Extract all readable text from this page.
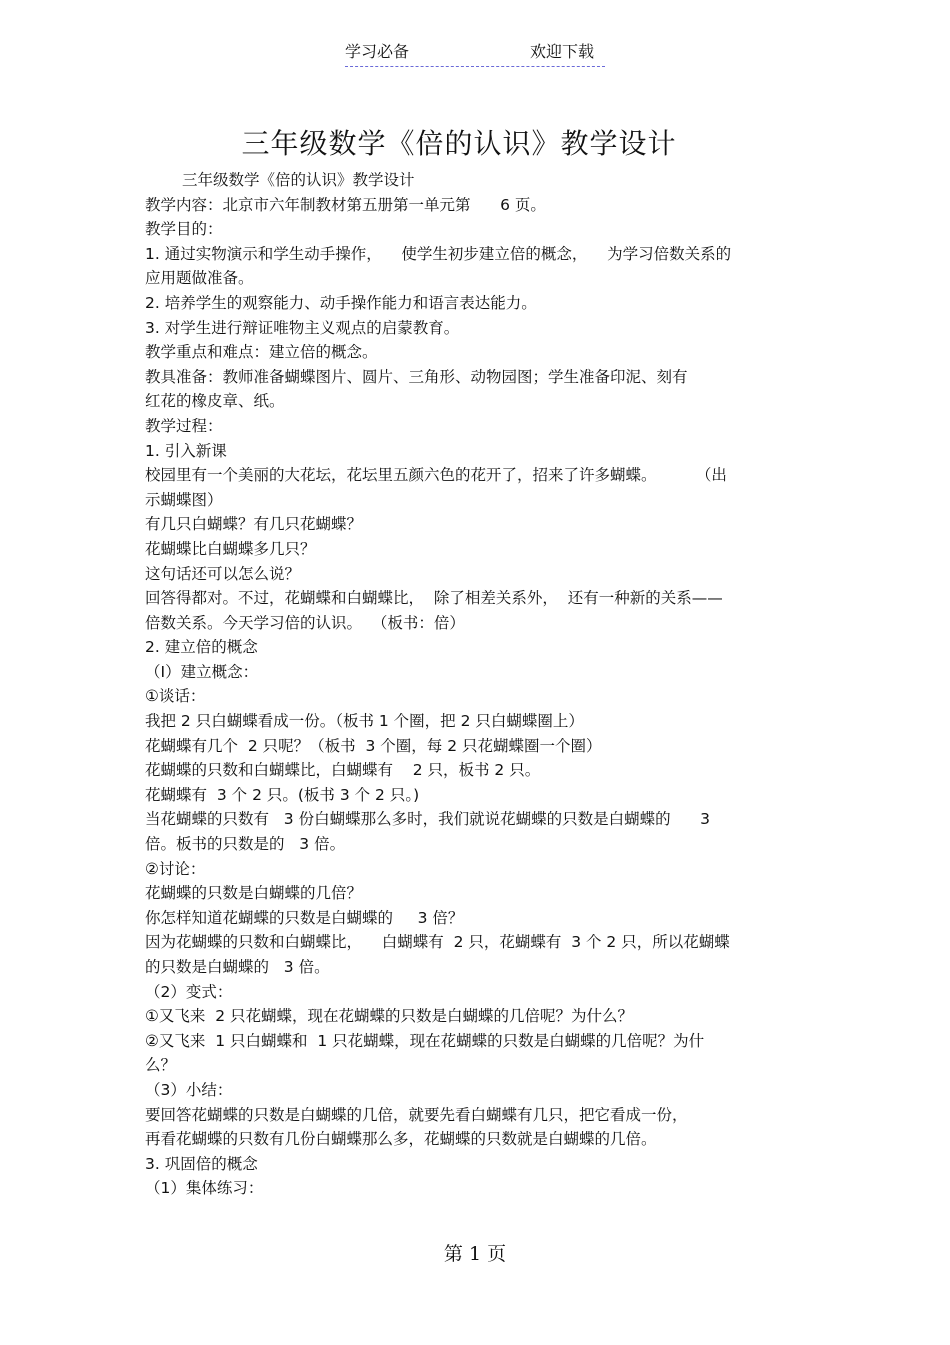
学习必备	欢迎下载
三年级数学《倍的认识》教学设计

三年级数学《倍的认识》教学设计

教学内容：北京市六年制教材第五册第一单元第      6 页。

教学目的：

1. 通过实物演示和学生动手操作，    使学生初步建立倍的概念，    为学习倍数关系的

应用题做准备。

2. 培养学生的观察能力、动手操作能力和语言表达能力。

3. 对学生进行辩证唯物主义观点的启蒙教育。

教学重点和难点：建立倍的概念。

教具准备：教师准备蝴蝶图片、圆片、三角形、动物园图；学生准备印泥、刻有

红花的橡皮章、纸。

教学过程：

1. 引入新课

校园里有一个美丽的大花坛，花坛里五颜六色的花开了，招来了许多蝴蝶。        （出

示蝴蝶图）

有几只白蝴蝶？有几只花蝴蝶？

花蝴蝶比白蝴蝶多几只？

这句话还可以怎么说？

回答得都对。不过，花蝴蝶和白蝴蝶比，  除了相差关系外，  还有一种新的关系——

倍数关系。今天学习倍的认识。  （板书：倍）

2. 建立倍的概念

（I）建立概念：

①谈话：

我把 2 只白蝴蝶看成一份。（板书 1 个圈，把 2 只白蝴蝶圈上）

花蝴蝶有几个  2 只呢？（板书  3 个圈，每 2 只花蝴蝶圈一个圈）

花蝴蝶的只数和白蝴蝶比，白蝴蝶有    2 只，板书 2 只。

花蝴蝶有  3 个 2 只。(板书 3 个 2 只。)

当花蝴蝶的只数有   3 份白蝴蝶那么多时，我们就说花蝴蝶的只数是白蝴蝶的      3

倍。板书的只数是的   3 倍。

②讨论：

花蝴蝶的只数是白蝴蝶的几倍？

你怎样知道花蝴蝶的只数是白蝴蝶的     3 倍？

因为花蝴蝶的只数和白蝴蝶比，    白蝴蝶有  2 只，花蝴蝶有  3 个 2 只，所以花蝴蝶

的只数是白蝴蝶的   3 倍。

（2）变式：

①又飞来  2 只花蝴蝶，现在花蝴蝶的只数是白蝴蝶的几倍呢？为什么？

②又飞来  1 只白蝴蝶和  1 只花蝴蝶，现在花蝴蝶的只数是白蝴蝶的几倍呢？为什

么？

（3）小结：

要回答花蝴蝶的只数是白蝴蝶的几倍，就要先看白蝴蝶有几只，把它看成一份，

再看花蝴蝶的只数有几份白蝴蝶那么多，花蝴蝶的只数就是白蝴蝶的几倍。

3. 巩固倍的概念

（1）集体练习：

第 1 页
